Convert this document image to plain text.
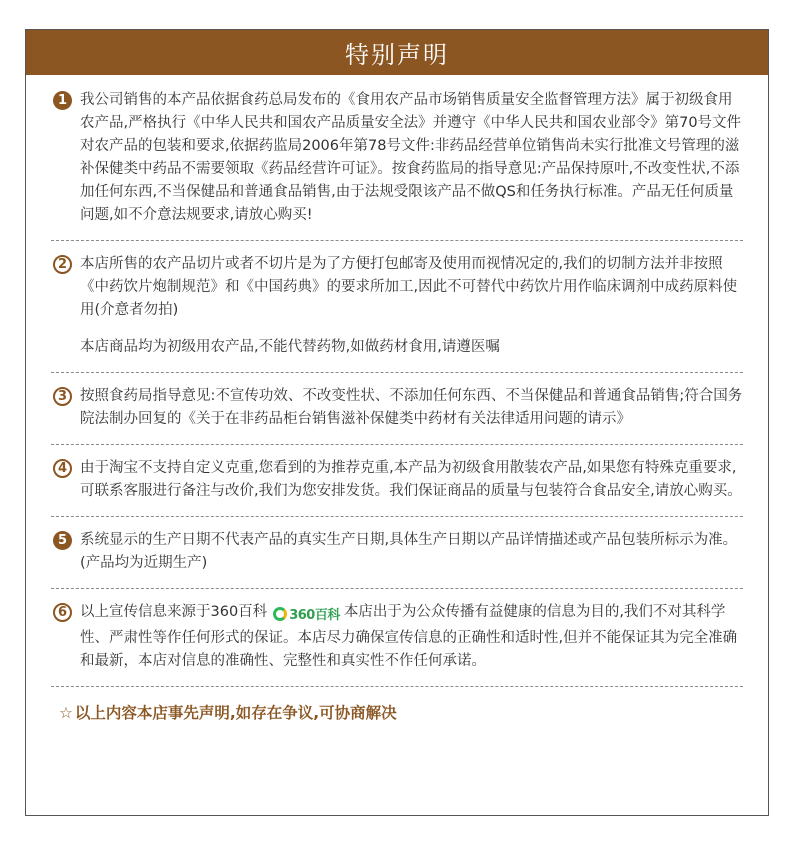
特别声明
1 我公司销售的本产品依据食药总局发布的《食用农产品市场销售质量安全监督管理方法》属于初级食用农产品,严格执行《中华人民共和国农产品质量安全法》并遵守《中华人民共和国农业部令》第70号文件对农产品的包装和要求,依据药监局2006年第78号文件:非药品经营单位销售尚未实行批准文号管理的滋补保健类中药品不需要领取《药品经营许可证》。按食药监局的指导意见:产品保持原叶,不改变性状,不添加任何东西,不当保健品和普通食品销售,由于法规受限该产品不做QS和任务执行标准。产品无任何质量问题,如不介意法规要求,请放心购买!

2 本店所售的农产品切片或者不切片是为了方便打包邮寄及使用而视情况定的,我们的切制方法并非按照《中药饮片炮制规范》和《中国药典》的要求所加工,因此不可替代中药饮片用作临床调剂中成药原料使用(介意者勿拍)

本店商品均为初级用农产品,不能代替药物,如做药材食用,请遵医嘱

3 按照食药局指导意见:不宣传功效、不改变性状、不添加任何东西、不当保健品和普通食品销售;符合国务院法制办回复的《关于在非药品柜台销售滋补保健类中药材有关法律适用问题的请示》

4 由于淘宝不支持自定义克重,您看到的为推荐克重,本产品为初级食用散装农产品,如果您有特殊克重要求,可联系客服进行备注与改价,我们为您安排发货。我们保证商品的质量与包装符合食品安全,请放心购买。

5 系统显示的生产日期不代表产品的真实生产日期,具体生产日期以产品详情描述或产品包装所标示为准。(产品均为近期生产)

6 以上宣传信息来源于360百科 360百科 本店出于为公众传播有益健康的信息为目的,我们不对其科学性、严肃性等作任何形式的保证。本店尽力确保宣传信息的正确性和适时性,但并不能保证其为完全准确和最新，本店对信息的准确性、完整性和真实性不作任何承诺。

☆ 以上内容本店事先声明,如存在争议,可协商解决
